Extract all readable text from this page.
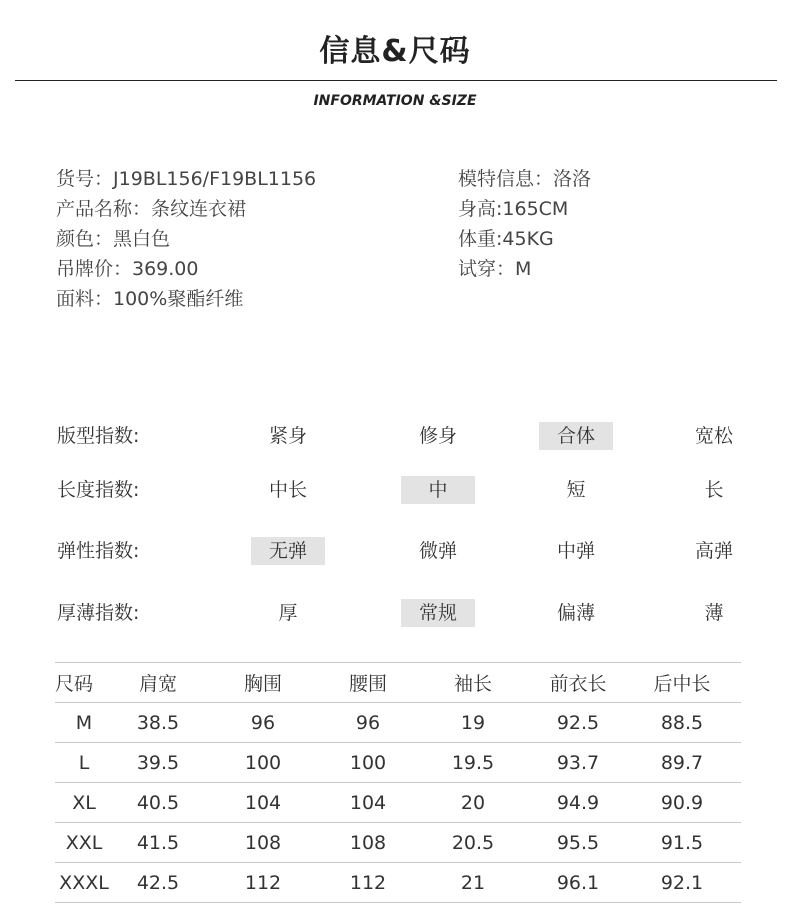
信息&尺码
INFORMATION &SIZE
货号：J19BL156/F19BL1156
产品名称：条纹连衣裙
颜色：黑白色
吊牌价：369.00
面料：100%聚酯纤维
模特信息：洛洛
身高:165CM
体重:45KG
试穿：M
版型指数:	紧身	修身	合体	宽松
长度指数:	中长	中	短	长
弹性指数:	无弹	微弹	中弹	高弹
厚薄指数:	厚	常规	偏薄	薄
尺码	肩宽	胸围	腰围	袖长	前衣长	后中长
M	38.5	96	96	19	92.5	88.5
L	39.5	100	100	19.5	93.7	89.7
XL	40.5	104	104	20	94.9	90.9
XXL	41.5	108	108	20.5	95.5	91.5
XXXL	42.5	112	112	21	96.1	92.1
